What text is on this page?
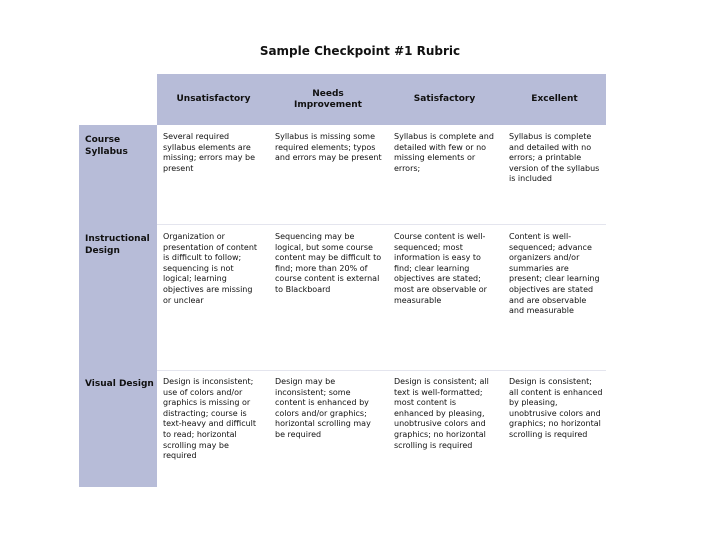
Sample Checkpoint #1 Rubric
Unsatisfactory
Needs Improvement
Satisfactory	Excellent
Course Syllabus
Instructional Design
Visual Design
Several required syllabus elements are missing; errors may be present
Syllabus is missing some required elements; typos and errors may be present
Syllabus is complete and detailed with few or no missing elements or errors;
Syllabus is complete and detailed with no errors; a printable version of the syllabus is included
Organization or presentation of content is difficult to follow; sequencing is not logical; learning objectives are missing or unclear
Sequencing may be logical, but some course content may be difficult to find; more than 20% of course content is external to Blackboard
Course content is well-sequenced; most information is easy to find; clear learning objectives are stated; most are observable or measurable
Content is well-sequenced; advance organizers and/or summaries are present; clear learning objectives are stated and are observable and measurable
Design is inconsistent; use of colors and/or graphics is missing or distracting; course is text-heavy and difficult to read; horizontal scrolling may be required
Design may be inconsistent; some content is enhanced by colors and/or graphics; horizontal scrolling may be required
Design is consistent; all text is well-formatted; most content is enhanced by pleasing, unobtrusive colors and graphics; no horizontal scrolling is required
Design is consistent; all content is enhanced by pleasing, unobtrusive colors and graphics; no horizontal scrolling is required
